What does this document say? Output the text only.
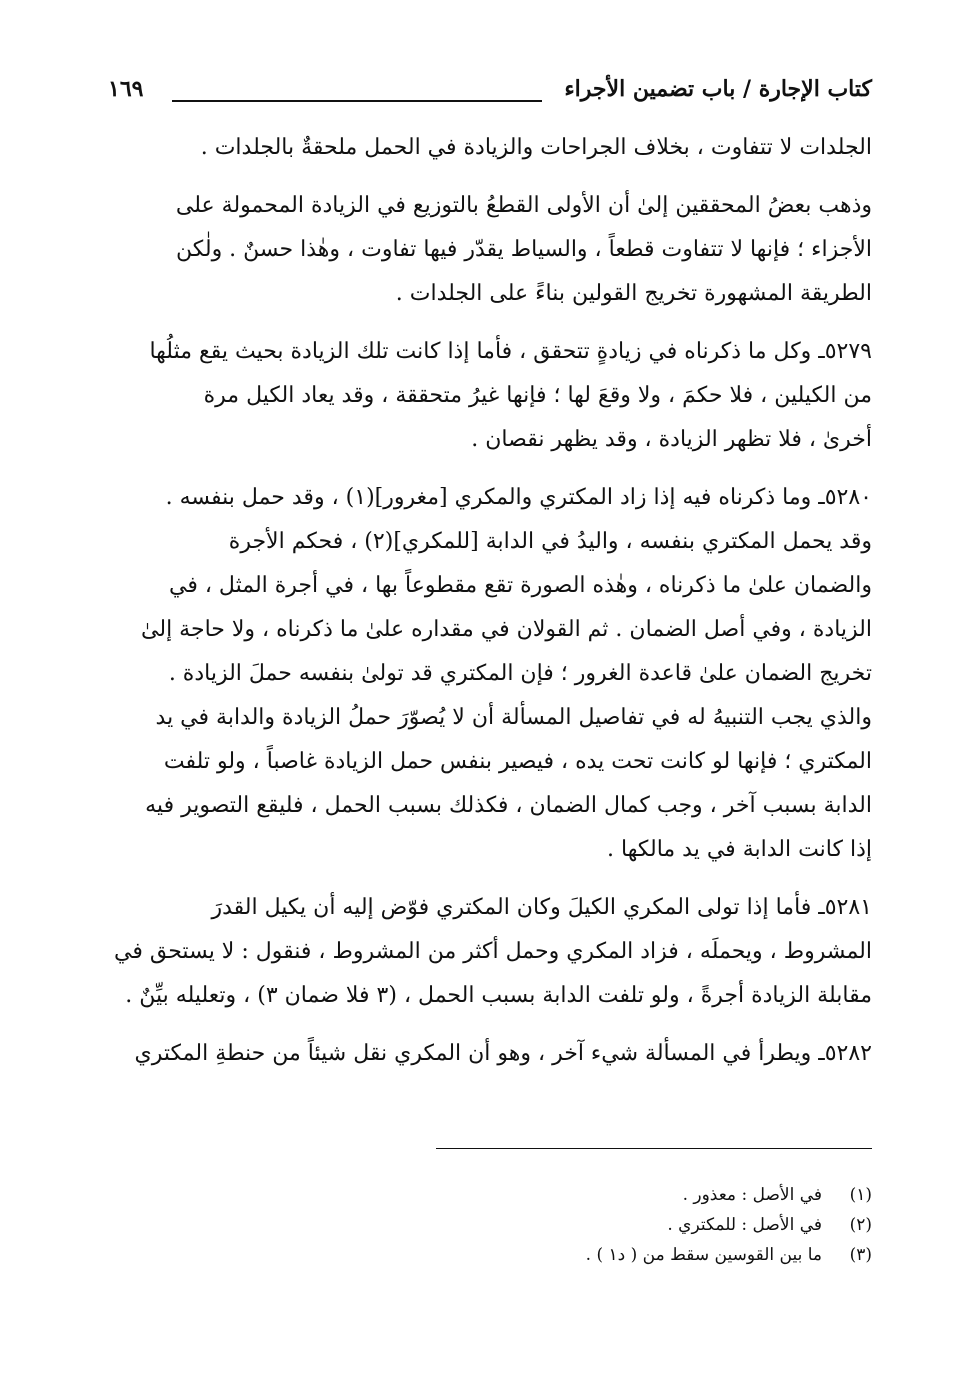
كتاب الإجارة / باب تضمين الأجراء
١٦٩
الجلدات لا تتفاوت ، بخلاف الجراحات والزيادة في الحمل ملحقةٌ بالجلدات .
وذهب بعضُ المحققين إلىٰ أن الأولى القطعُ بالتوزيع في الزيادة المحمولة على
الأجزاء ؛ فإنها لا تتفاوت قطعاً ، والسياط يقدّر فيها تفاوت ، وهٰذا حسنٌ . ولٰكن
الطريقة المشهورة تخريج القولين بناءً على الجلدات .
٥٢٧٩ـ وكل ما ذكرناه في زيادةٍ تتحقق ، فأما إذا كانت تلك الزيادة بحيث يقع مثلُها
من الكيلين ، فلا حكمَ ، ولا وقعَ لها ؛ فإنها غيرُ متحققة ، وقد يعاد الكيل مرة
أخرىٰ ، فلا تظهر الزيادة ، وقد يظهر نقصان .
٥٢٨٠ـ وما ذكرناه فيه إذا زاد المكتري والمكري [مغرور](١) ، وقد حمل بنفسه .
وقد يحمل المكتري بنفسه ، واليدُ في الدابة [للمكري](٢) ، فحكم الأجرة
والضمان علىٰ ما ذكرناه ، وهٰذه الصورة تقع مقطوعاً بها ، في أجرة المثل ، في
الزيادة ، وفي أصل الضمان . ثم القولان في مقداره علىٰ ما ذكرناه ، ولا حاجة إلىٰ
تخريج الضمان علىٰ قاعدة الغرور ؛ فإن المكتري قد تولىٰ بنفسه حملَ الزيادة .
والذي يجب التنبيهُ له في تفاصيل المسألة أن لا يُصوّرَ حملُ الزيادة والدابة في يد
المكتري ؛ فإنها لو كانت تحت يده ، فيصير بنفس حمل الزيادة غاصباً ، ولو تلفت
الدابة بسبب آخر ، وجب كمال الضمان ، فكذلك بسبب الحمل ، فليقع التصوير فيه
إذا كانت الدابة في يد مالكها .
٥٢٨١ـ فأما إذا تولى المكري الكيلَ وكان المكتري فوّض إليه أن يكيل القدرَ
المشروط ، ويحملَه ، فزاد المكري وحمل أكثر من المشروط ، فنقول : لا يستحق في
مقابلة الزيادة أجرةً ، ولو تلفت الدابة بسبب الحمل ، (٣ فلا ضمان ٣) ، وتعليله بيِّنٌ .
٥٢٨٢ـ ويطرأ في المسألة شيء آخر ، وهو أن المكري نقل شيئاً من حنطةِ المكتري
(١)في الأصل : معذور .
(٢)في الأصل : للمكتري .
(٣)ما بين القوسين سقط من ( د١ ) .
